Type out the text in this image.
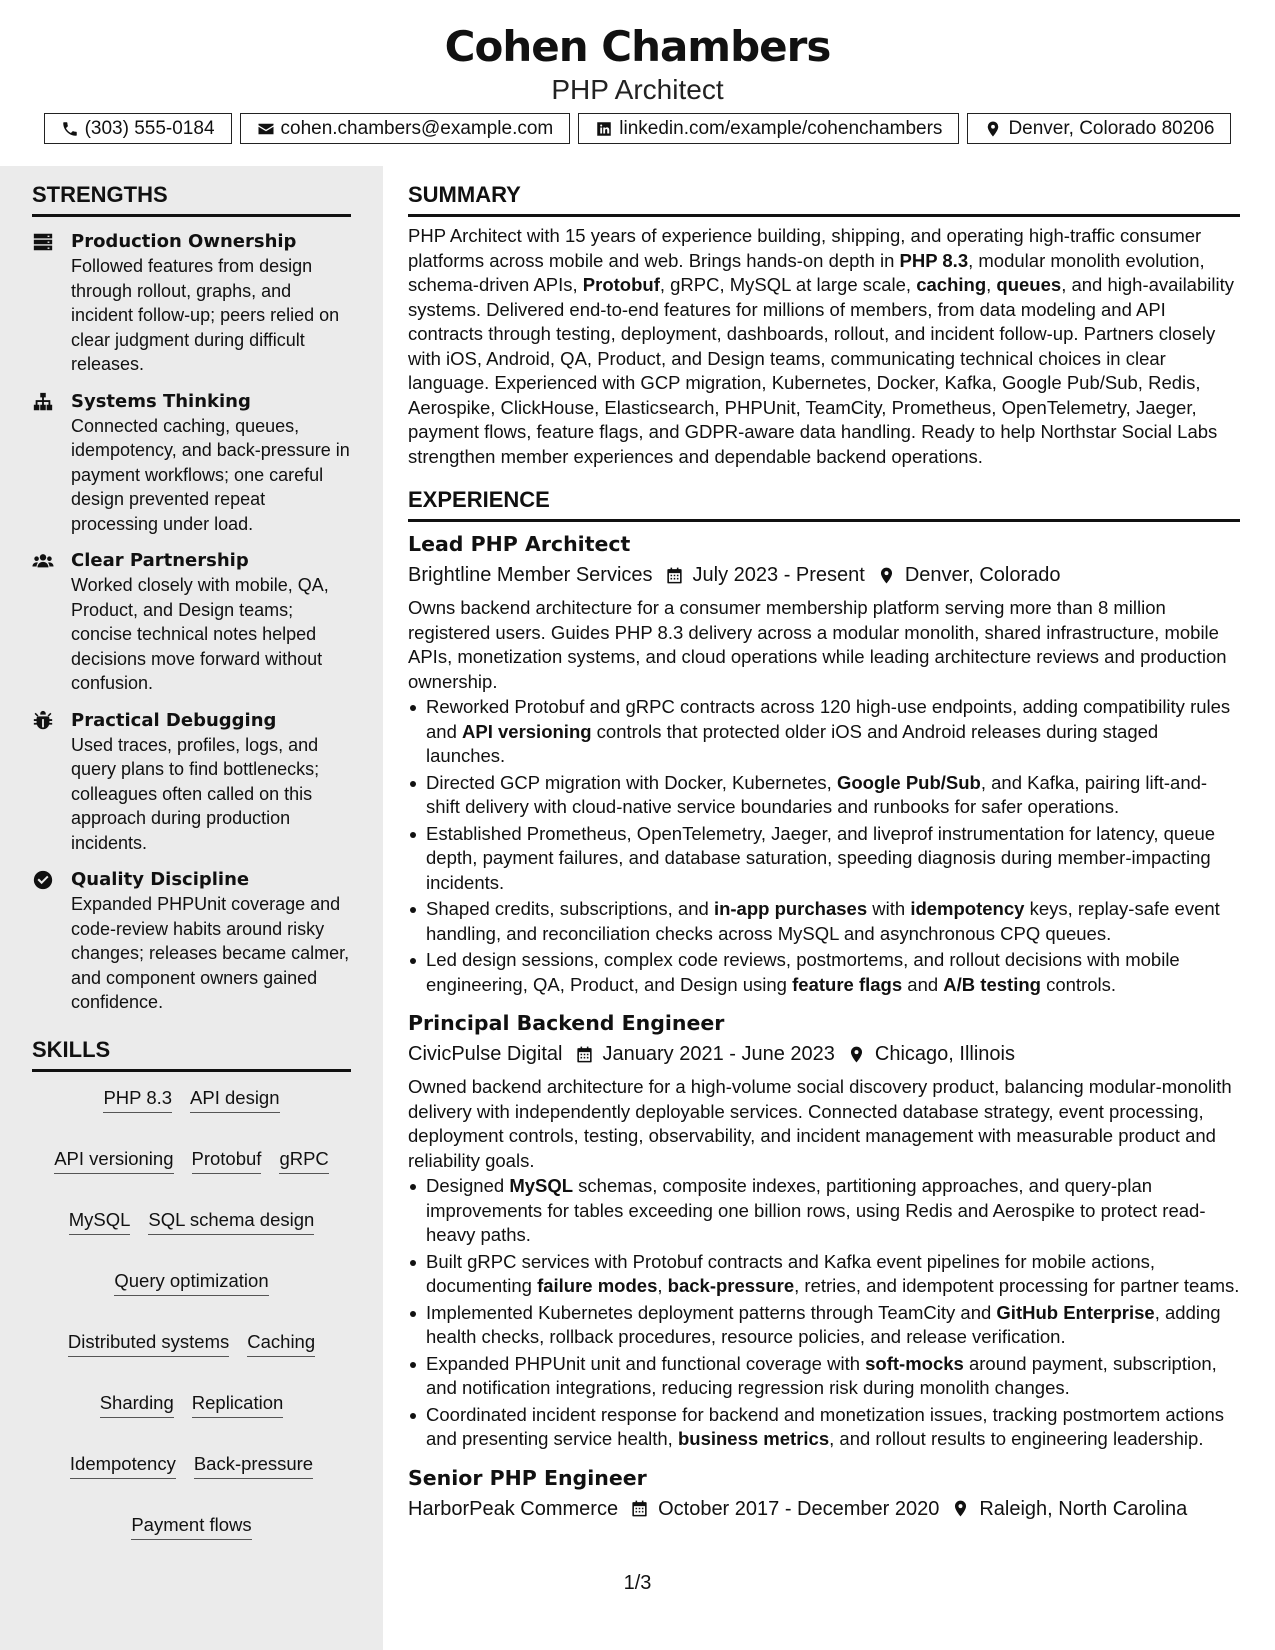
Cohen Chambers
PHP Architect
(303) 555-0184	cohen.chambers@example.com	linkedin.com/example/cohenchambers	Denver, Colorado 80206
STRENGTHS
Production Ownership
Followed features from design through rollout, graphs, and incident follow-up; peers relied on clear judgment during difficult releases.
Systems Thinking
Connected caching, queues, idempotency, and back-pressure in payment workflows; one careful design prevented repeat processing under load.
Clear Partnership
Worked closely with mobile, QA, Product, and Design teams; concise technical notes helped decisions move forward without confusion.
Practical Debugging
Used traces, profiles, logs, and query plans to find bottlenecks; colleagues often called on this approach during production incidents.
Quality Discipline
Expanded PHPUnit coverage and code-review habits around risky changes; releases became calmer, and component owners gained confidence.
SKILLS
PHP 8.3 API design
API versioning Protobuf gRPC
MySQL SQL schema design
Query optimization
Distributed systems Caching
Sharding Replication
Idempotency Back-pressure
Payment flows
SUMMARY

PHP Architect with 15 years of experience building, shipping, and operating high-traffic consumer platforms across mobile and web. Brings hands-on depth in PHP 8.3, modular monolith evolution, schema-driven APIs, Protobuf, gRPC, MySQL at large scale, caching, queues, and high-availability systems. Delivered end-to-end features for millions of members, from data modeling and API contracts through testing, deployment, dashboards, rollout, and incident follow-up. Partners closely with iOS, Android, QA, Product, and Design teams, communicating technical choices in clear language. Experienced with GCP migration, Kubernetes, Docker, Kafka, Google Pub/Sub, Redis, Aerospike, ClickHouse, Elasticsearch, PHPUnit, TeamCity, Prometheus, OpenTelemetry, Jaeger, payment flows, feature flags, and GDPR-aware data handling. Ready to help Northstar Social Labs strengthen member experiences and dependable backend operations.

EXPERIENCE
Lead PHP Architect
Brightline Member Services July 2023 - Present Denver, Colorado

Owns backend architecture for a consumer membership platform serving more than 8 million registered users. Guides PHP 8.3 delivery across a modular monolith, shared infrastructure, mobile APIs, monetization systems, and cloud operations while leading architecture reviews and production ownership.

Reworked Protobuf and gRPC contracts across 120 high-use endpoints, adding compatibility rules and API versioning controls that protected older iOS and Android releases during staged launches.
Directed GCP migration with Docker, Kubernetes, Google Pub/Sub, and Kafka, pairing lift-and-shift delivery with cloud-native service boundaries and runbooks for safer operations.
Established Prometheus, OpenTelemetry, Jaeger, and liveprof instrumentation for latency, queue depth, payment failures, and database saturation, speeding diagnosis during member-impacting incidents.
Shaped credits, subscriptions, and in-app purchases with idempotency keys, replay-safe event handling, and reconciliation checks across MySQL and asynchronous CPQ queues.
Led design sessions, complex code reviews, postmortems, and rollout decisions with mobile engineering, QA, Product, and Design using feature flags and A/B testing controls.
Principal Backend Engineer
CivicPulse Digital January 2021 - June 2023 Chicago, Illinois

Owned backend architecture for a high-volume social discovery product, balancing modular-monolith delivery with independently deployable services. Connected database strategy, event processing, deployment controls, testing, observability, and incident management with measurable product and reliability goals.

Designed MySQL schemas, composite indexes, partitioning approaches, and query-plan improvements for tables exceeding one billion rows, using Redis and Aerospike to protect read-heavy paths.
Built gRPC services with Protobuf contracts and Kafka event pipelines for mobile actions, documenting failure modes, back-pressure, retries, and idempotent processing for partner teams.
Implemented Kubernetes deployment patterns through TeamCity and GitHub Enterprise, adding health checks, rollback procedures, resource policies, and release verification.
Expanded PHPUnit unit and functional coverage with soft-mocks around payment, subscription, and notification integrations, reducing regression risk during monolith changes.
Coordinated incident response for backend and monetization issues, tracking postmortem actions and presenting service health, business metrics, and rollout results to engineering leadership.
Senior PHP Engineer
HarborPeak Commerce October 2017 - December 2020 Raleigh, North Carolina
1/3
